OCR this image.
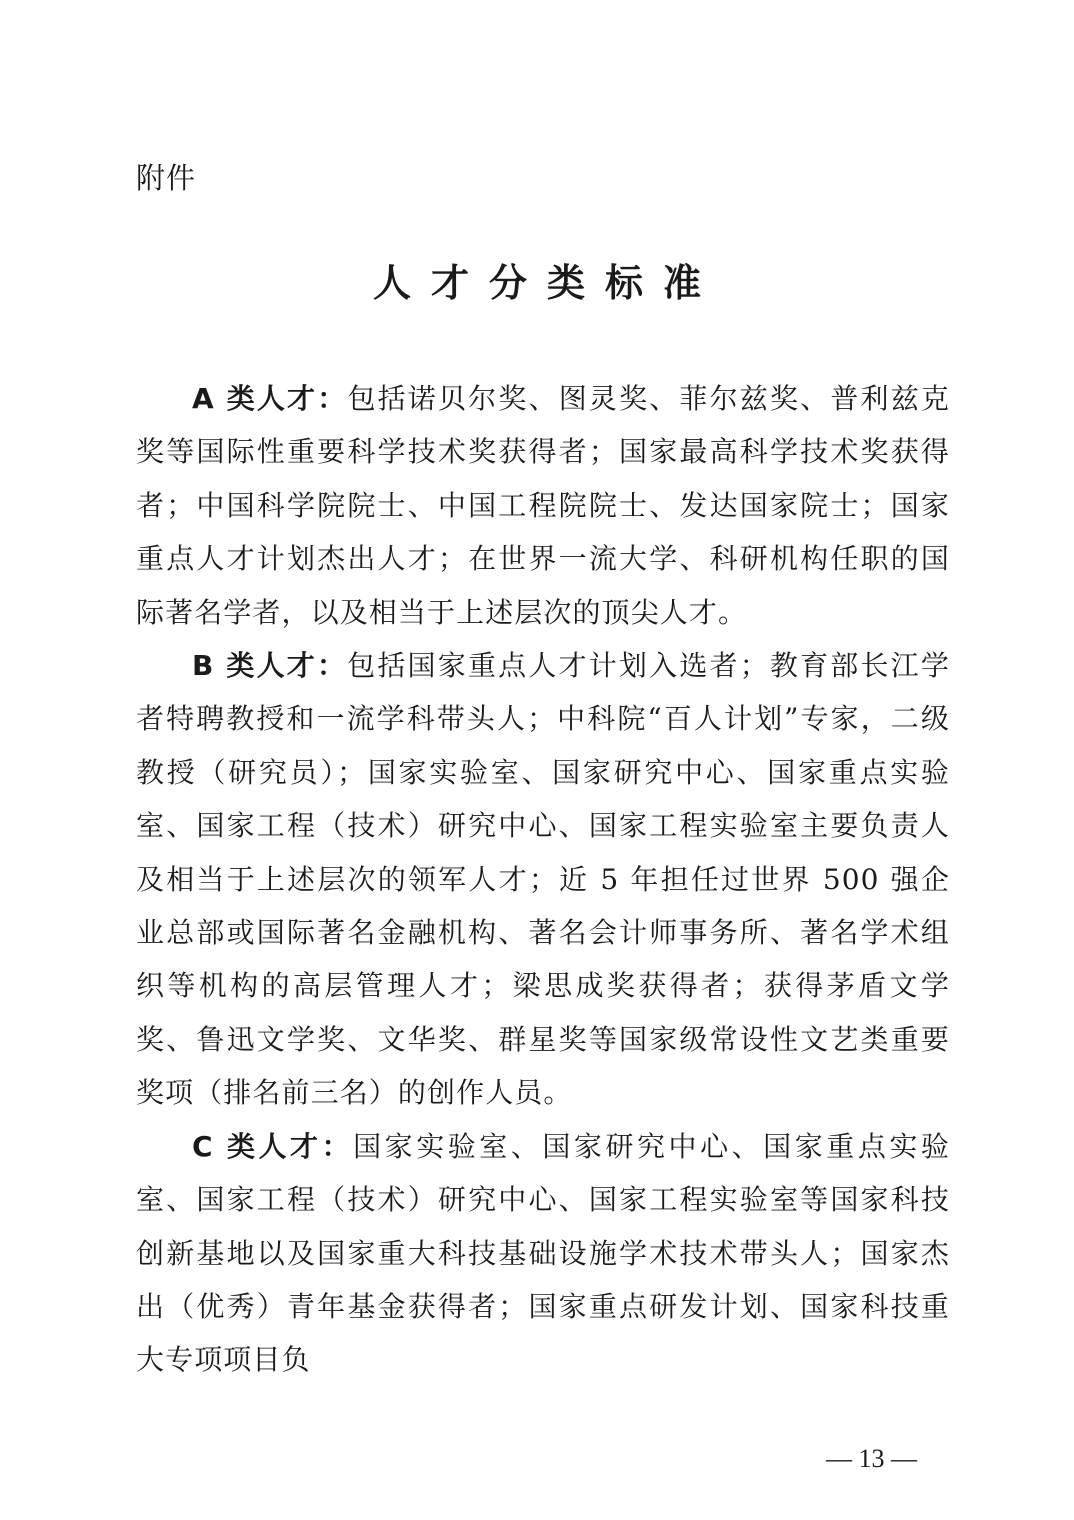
附件
人才分类标准

A 类人才：包括诺贝尔奖、图灵奖、菲尔兹奖、普利兹克奖等国际性重要科学技术奖获得者；国家最高科学技术奖获得者；中国科学院院士、中国工程院院士、发达国家院士；国家重点人才计划杰出人才；在世界一流大学、科研机构任职的国际著名学者，以及相当于上述层次的顶尖人才。

B 类人才：包括国家重点人才计划入选者；教育部长江学者特聘教授和一流学科带头人；中科院“百人计划”专家，二级教授（研究员）；国家实验室、国家研究中心、国家重点实验室、国家工程（技术）研究中心、国家工程实验室主要负责人及相当于上述层次的领军人才；近 5 年担任过世界 500 强企业总部或国际著名金融机构、著名会计师事务所、著名学术组织等机构的高层管理人才；梁思成奖获得者；获得茅盾文学奖、鲁迅文学奖、文华奖、群星奖等国家级常设性文艺类重要奖项（排名前三名）的创作人员。

C 类人才：国家实验室、国家研究中心、国家重点实验室、国家工程（技术）研究中心、国家工程实验室等国家科技创新基地以及国家重大科技基础设施学术技术带头人；国家杰出（优秀）青年基金获得者；国家重点研发计划、国家科技重大专项项目负

— 13 —
